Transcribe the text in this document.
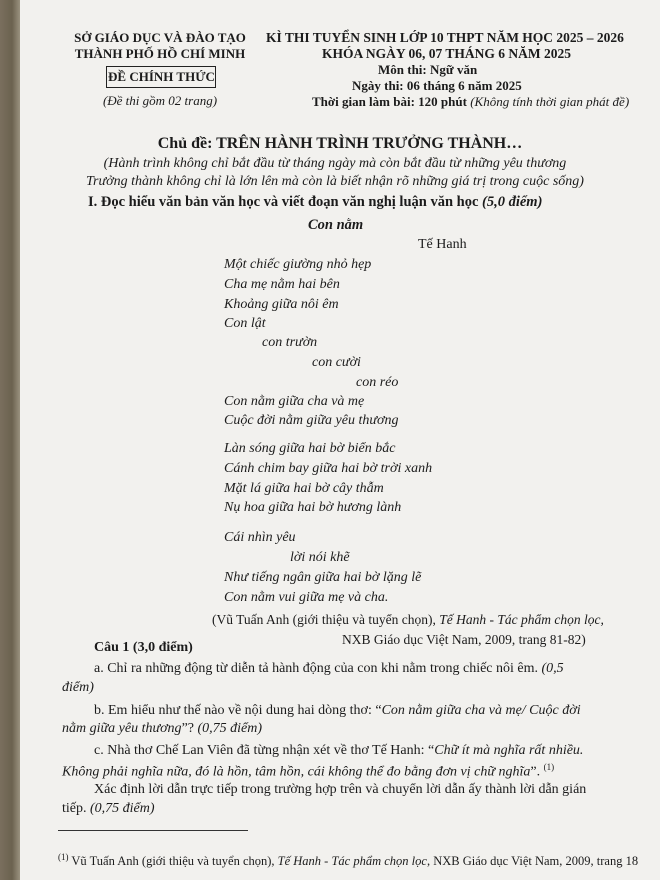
SỞ GIÁO DỤC VÀ ĐÀO TẠO
THÀNH PHỐ HỒ CHÍ MINH
ĐỀ CHÍNH THỨC
(Đề thi gồm 02 trang)
KÌ THI TUYỂN SINH LỚP 10 THPT NĂM HỌC 2025 – 2026
KHÓA NGÀY 06, 07 THÁNG 6 NĂM 2025
Môn thi: Ngữ văn
Ngày thi: 06 tháng 6 năm 2025
Thời gian làm bài: 120 phút (Không tính thời gian phát đề)
Chủ đề: TRÊN HÀNH TRÌNH TRƯỞNG THÀNH…
(Hành trình không chỉ bắt đầu từ tháng ngày mà còn bắt đầu từ những yêu thương
Trưởng thành không chỉ là lớn lên mà còn là biết nhận rõ những giá trị trong cuộc sống)
I. Đọc hiểu văn bản văn học và viết đoạn văn nghị luận văn học (5,0 điểm)
Con nằm
Tế Hanh
Một chiếc giường nhỏ hẹp
Cha mẹ nằm hai bên
Khoảng giữa nôi êm
Con lật
con trườn
con cười
con réo
Con nằm giữa cha và mẹ
Cuộc đời nằm giữa yêu thương
Làn sóng giữa hai bờ biển bắc
Cánh chim bay giữa hai bờ trời xanh
Mặt lá giữa hai bờ cây thẫm
Nụ hoa giữa hai bờ hương lành
Cái nhìn yêu
lời nói khẽ
Như tiếng ngân giữa hai bờ lặng lẽ
Con nằm vui giữa mẹ và cha.
(Vũ Tuấn Anh (giới thiệu và tuyển chọn), Tế Hanh - Tác phẩm chọn lọc,
NXB Giáo dục Việt Nam, 2009, trang 81-82)
Câu 1 (3,0 điểm)
a. Chỉ ra những động từ diễn tả hành động của con khi nằm trong chiếc nôi êm. (0,5
điểm)
b. Em hiểu như thế nào về nội dung hai dòng thơ: “Con nằm giữa cha và mẹ/ Cuộc đời
nằm giữa yêu thương”? (0,75 điểm)
c. Nhà thơ Chế Lan Viên đã từng nhận xét về thơ Tế Hanh: “Chữ ít mà nghĩa rất nhiều.
Không phải nghĩa nữa, đó là hồn, tâm hồn, cái không thể đo bằng đơn vị chữ nghĩa”. $^{(1)}$
Xác định lời dẫn trực tiếp trong trường hợp trên và chuyển lời dẫn ấy thành lời dẫn gián
tiếp. (0,75 điểm)
$^{(1)}$ Vũ Tuấn Anh (giới thiệu và tuyển chọn), Tế Hanh - Tác phẩm chọn lọc, NXB Giáo dục Việt Nam, 2009, trang 18
